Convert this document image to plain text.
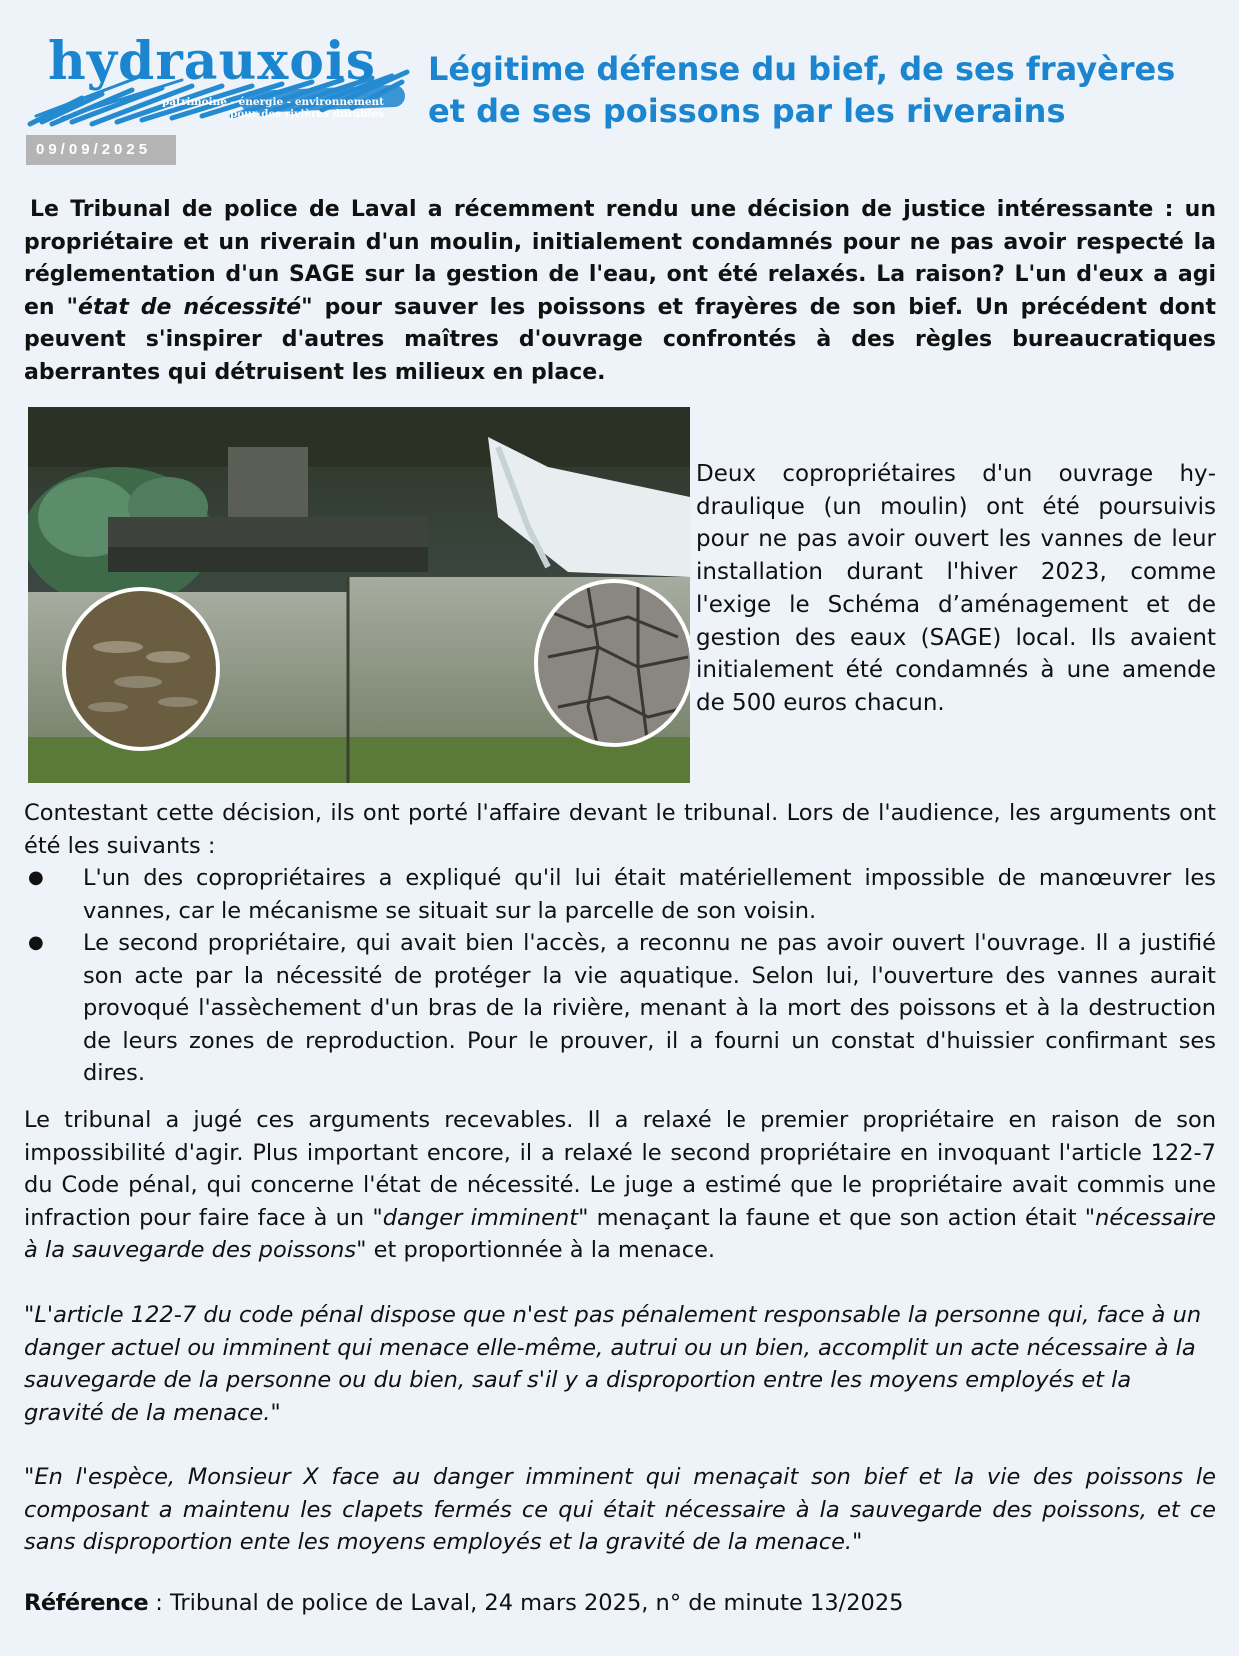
hydrauxois
patrimoine - énergie - environnement
pour des rivières durables
09/09/2025
Légitime défense du bief, de ses frayères et de ses poissons par les riverains
Le Tribunal de police de Laval a récemment rendu une décision de justice intéressante : un propriétaire et un riverain d'un moulin, initialement condamnés pour ne pas avoir respecté la réglementation d'un SAGE sur la gestion de l'eau, ont été relaxés. La raison? L'un d'eux a agi en "état de nécessité" pour sauver les poissons et frayères de son bief. Un précédent dont peuvent s'inspirer d'autres maîtres d'ouvrage confrontés à des règles bureaucratiques aberrantes qui détruisent les milieux en place.
Deux copropriétaires d'un ouvrage hydraulique (un moulin) ont été poursuivis pour ne pas avoir ouvert les vannes de leur installation durant l'hiver 2023, comme l'exige le Schéma d’aménagement et de gestion des eaux (SAGE) local. Ils avaient initialement été condamnés à une amende de 500 euros chacun.
Contestant cette décision, ils ont porté l'affaire devant le tribunal. Lors de l'audience, les arguments ont été les suivants :
● L'un des copropriétaires a expliqué qu'il lui était matériellement impossible de manœuvrer les vannes, car le mécanisme se situait sur la parcelle de son voisin.
● Le second propriétaire, qui avait bien l'accès, a reconnu ne pas avoir ouvert l'ouvrage. Il a justifié son acte par la nécessité de protéger la vie aquatique. Selon lui, l'ouverture des vannes aurait provoqué l'assèchement d'un bras de la rivière, menant à la mort des poissons et à la destruction de leurs zones de reproduction. Pour le prouver, il a fourni un constat d'huissier confirmant ses dires.
Le tribunal a jugé ces arguments recevables. Il a relaxé le premier propriétaire en raison de son impossibilité d'agir. Plus important encore, il a relaxé le second propriétaire en invoquant l'article 122-7 du Code pénal, qui concerne l'état de nécessité. Le juge a estimé que le propriétaire avait commis une infraction pour faire face à un "danger imminent" menaçant la faune et que son action était "nécessaire à la sauvegarde des poissons" et proportionnée à la menace.
"L'article 122-7 du code pénal dispose que n'est pas pénalement responsable la personne qui, face à un danger actuel ou imminent qui menace elle-même, autrui ou un bien, accomplit un acte nécessaire à la sauvegarde de la personne ou du bien, sauf s'il y a disproportion entre les moyens employés et la gravité de la menace."
"En l'espèce, Monsieur X face au danger imminent qui menaçait son bief et la vie des poissons le composant a maintenu les clapets fermés ce qui était nécessaire à la sauvegarde des poissons, et ce sans disproportion ente les moyens employés et la gravité de la menace."
Référence : Tribunal de police de Laval, 24 mars 2025, n° de minute 13/2025
